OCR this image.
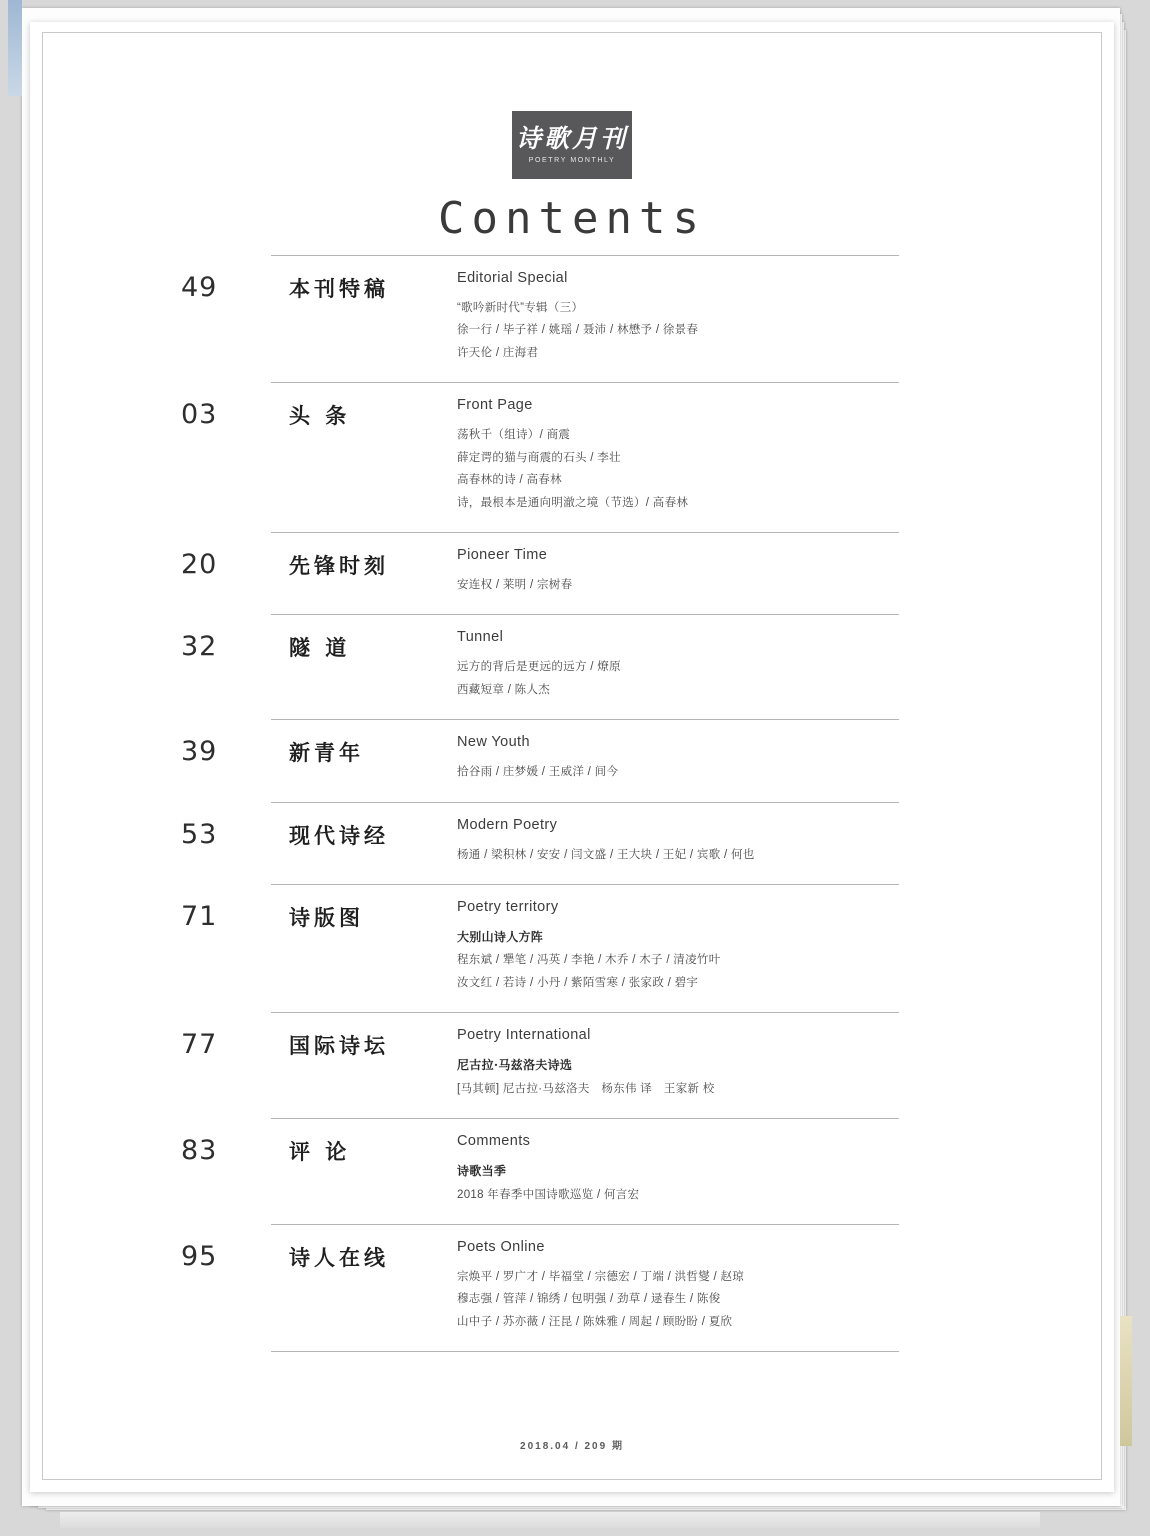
诗歌月刊
POETRY MONTHLY
Contents
49	本刊特稿	Editorial Special
“歌吟新时代”专辑（三）
徐一行 / 毕子祥 / 姚瑶 / 聂沛 / 林懋予 / 徐景春
许天伦 / 庄海君
03	头 条	Front Page
荡秋千（组诗）/ 商震
薛定谔的猫与商震的石头 / 李壮
高春林的诗 / 高春林
诗，最根本是通向明澈之境（节选）/ 高春林
20	先锋时刻	Pioneer Time
安连权 / 莱明 / 宗树春
32	隧 道	Tunnel
远方的背后是更远的远方 / 燎原
西藏短章 / 陈人杰
39	新青年	New Youth
拾谷雨 / 庄梦媛 / 王威洋 / 间今
53	现代诗经	Modern Poetry
杨通 / 梁积林 / 安安 / 闫文盛 / 王大块 / 王妃 / 宾歌 / 何也
71	诗版图	Poetry territory
大别山诗人方阵
程东斌 / 犟笔 / 冯英 / 李艳 / 木乔 / 木子 / 清凌竹叶
汝文红 / 若诗 / 小丹 / 紫陌雪寒 / 张家政 / 碧宇
77	国际诗坛	Poetry International
尼古拉·马兹洛夫诗选
[马其顿] 尼古拉·马兹洛夫　杨东伟 译　王家新 校
83	评 论	Comments
诗歌当季
2018 年春季中国诗歌巡览 / 何言宏
95	诗人在线	Poets Online
宗焕平 / 罗广才 / 毕福堂 / 宗德宏 / 丁端 / 洪哲燮 / 赵琼
穆志强 / 管萍 / 锦绣 / 包明强 / 劲草 / 逯春生 / 陈俊
山中子 / 苏亦薇 / 汪昆 / 陈姝雅 / 周起 / 顾盼盼 / 夏欣
2018.04 / 209 期
